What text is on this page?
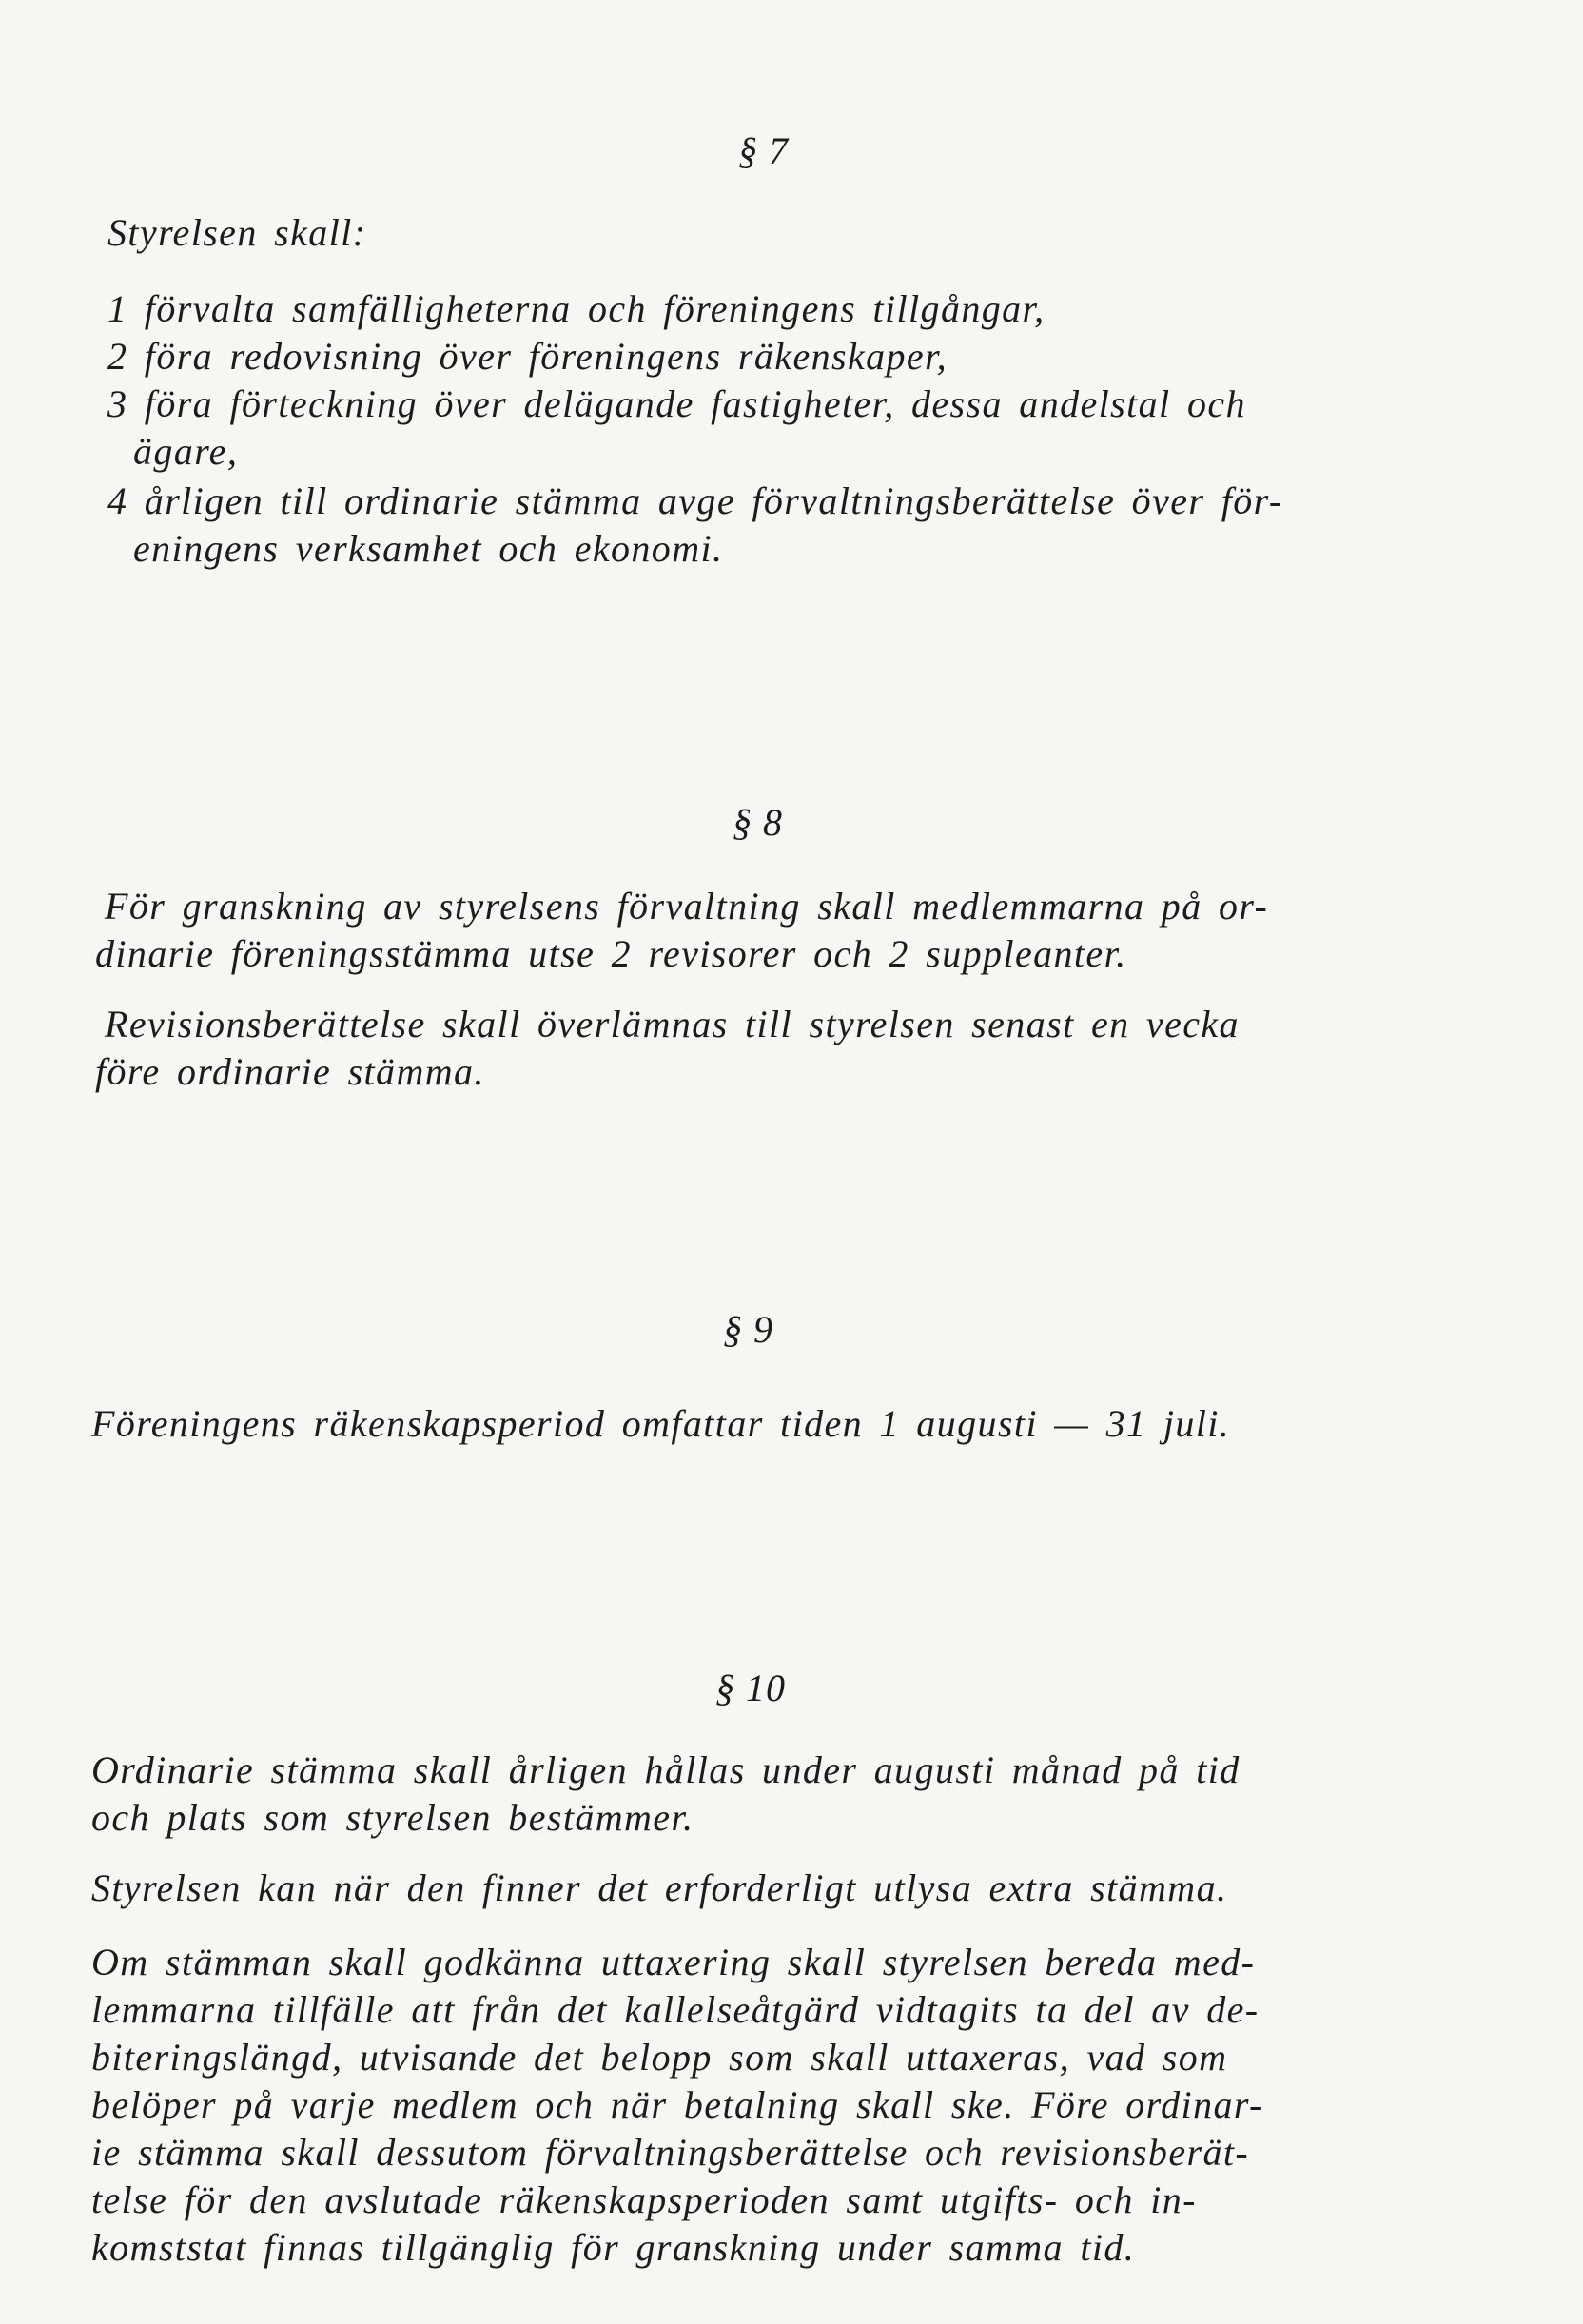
§ 7
Styrelsen skall:
1 förvalta samfälligheterna och föreningens tillgångar,
2 föra redovisning över föreningens räkenskaper,
3 föra förteckning över delägande fastigheter, dessa andelstal och
ägare,
4 årligen till ordinarie stämma avge förvaltningsberättelse över för-
eningens verksamhet och ekonomi.
§ 8
För granskning av styrelsens förvaltning skall medlemmarna på or-
dinarie föreningsstämma utse 2 revisorer och 2 suppleanter.
Revisionsberättelse skall överlämnas till styrelsen senast en vecka
före ordinarie stämma.
§ 9
Föreningens räkenskapsperiod omfattar tiden 1 augusti — 31 juli.
§ 10
Ordinarie stämma skall årligen hållas under augusti månad på tid
och plats som styrelsen bestämmer.
Styrelsen kan när den finner det erforderligt utlysa extra stämma.
Om stämman skall godkänna uttaxering skall styrelsen bereda med-
lemmarna tillfälle att från det kallelseåtgärd vidtagits ta del av de-
biteringslängd, utvisande det belopp som skall uttaxeras, vad som
belöper på varje medlem och när betalning skall ske. Före ordinar-
ie stämma skall dessutom förvaltningsberättelse och revisionsberät-
telse för den avslutade räkenskapsperioden samt utgifts- och in-
komststat finnas tillgänglig för granskning under samma tid.
